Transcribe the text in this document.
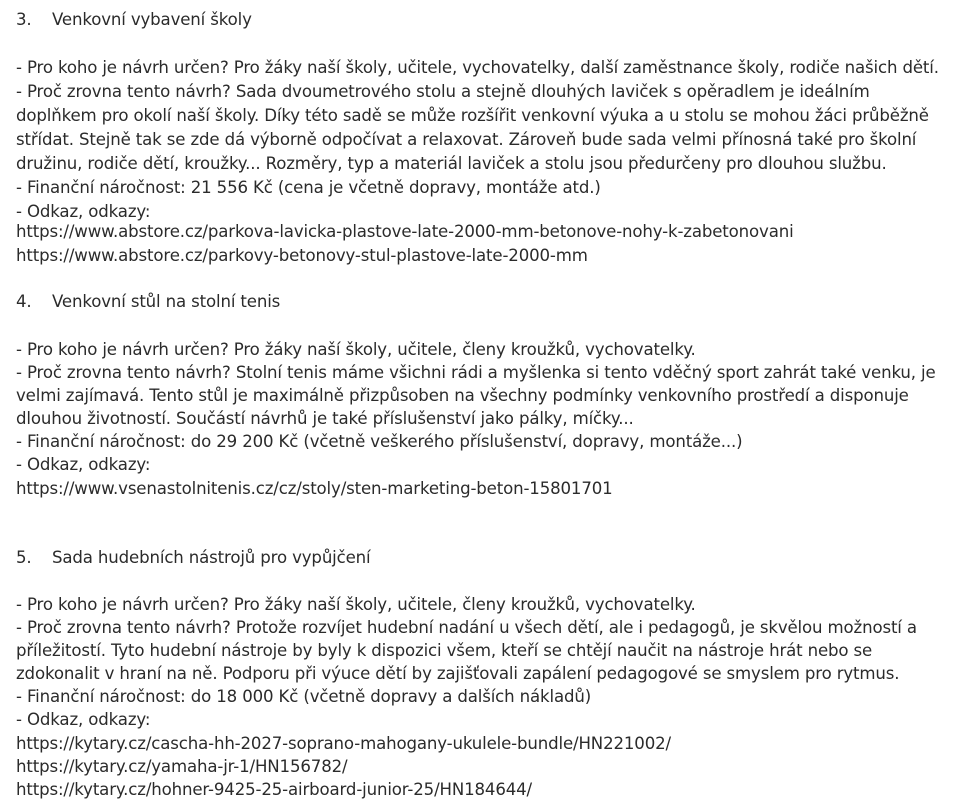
3. Venkovní vybavení školy
- Pro koho je návrh určen? Pro žáky naší školy, učitele, vychovatelky, další zaměstnance školy, rodiče našich dětí.
- Proč zrovna tento návrh? Sada dvoumetrového stolu a stejně dlouhých laviček s opěradlem je ideálním
doplňkem pro okolí naší školy. Díky této sadě se může rozšířit venkovní výuka a u stolu se mohou žáci průběžně
střídat. Stejně tak se zde dá výborně odpočívat a relaxovat. Zároveň bude sada velmi přínosná také pro školní
družinu, rodiče dětí, kroužky... Rozměry, typ a materiál laviček a stolu jsou předurčeny pro dlouhou službu.
- Finanční náročnost: 21 556 Kč (cena je včetně dopravy, montáže atd.)
- Odkaz, odkazy:
https://www.abstore.cz/parkova-lavicka-plastove-late-2000-mm-betonove-nohy-k-zabetonovani
https://www.abstore.cz/parkovy-betonovy-stul-plastove-late-2000-mm
4. Venkovní stůl na stolní tenis
- Pro koho je návrh určen? Pro žáky naší školy, učitele, členy kroužků, vychovatelky.
- Proč zrovna tento návrh? Stolní tenis máme všichni rádi a myšlenka si tento vděčný sport zahrát také venku, je
velmi zajímavá. Tento stůl je maximálně přizpůsoben na všechny podmínky venkovního prostředí a disponuje
dlouhou životností. Součástí návrhů je také příslušenství jako pálky, míčky...
- Finanční náročnost: do 29 200 Kč (včetně veškerého příslušenství, dopravy, montáže...)
- Odkaz, odkazy:
https://www.vsenastolnitenis.cz/cz/stoly/sten-marketing-beton-15801701
5. Sada hudebních nástrojů pro vypůjčení
- Pro koho je návrh určen? Pro žáky naší školy, učitele, členy kroužků, vychovatelky.
- Proč zrovna tento návrh? Protože rozvíjet hudební nadání u všech dětí, ale i pedagogů, je skvělou možností a
příležitostí. Tyto hudební nástroje by byly k dispozici všem, kteří se chtějí naučit na nástroje hrát nebo se
zdokonalit v hraní na ně. Podporu při výuce dětí by zajišťovali zapálení pedagogové se smyslem pro rytmus.
- Finanční náročnost: do 18 000 Kč (včetně dopravy a dalších nákladů)
- Odkaz, odkazy:
https://kytary.cz/cascha-hh-2027-soprano-mahogany-ukulele-bundle/HN221002/
https://kytary.cz/yamaha-jr-1/HN156782/
https://kytary.cz/hohner-9425-25-airboard-junior-25/HN184644/
